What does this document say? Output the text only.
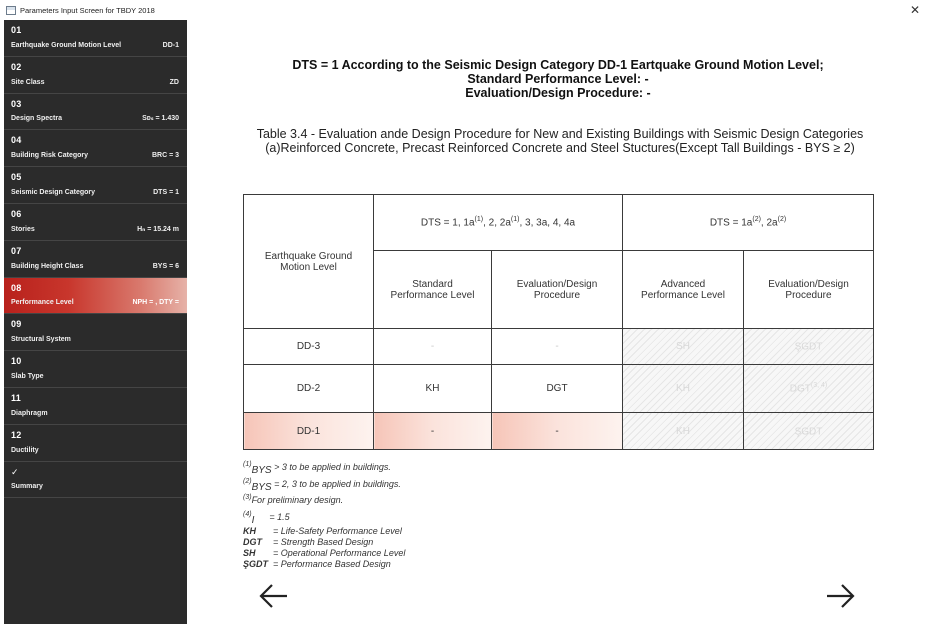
Parameters Input Screen for TBDY 2018	✕
01
Earthquake Ground Motion Level	DD-1
02
Site Class	ZD
03
Design Spectra	Sᴅₛ = 1.430
04
Building Risk Category	BRC = 3
05
Seismic Design Category	DTS = 1
06
Stories	Hₙ = 15.24 m
07
Building Height Class	BYS = 6
08
Performance Level	NPH = , DTY =
09
Structural System
10
Slab Type
11
Diaphragm
12
Ductility
✓
Summary
DTS = 1 According to the Seismic Design Category DD-1 Eartquake Ground Motion Level;
Standard Performance Level: -
Evaluation/Design Procedure: -
Table 3.4 - Evaluation ande Design Procedure for New and Existing Buildings with Seismic Design Categories
(a)Reinforced Concrete, Precast Reinforced Concrete and Steel Stuctures(Except Tall Buildings - BYS ≥ 2)
Earthquake Ground Motion Level	DTS = 1, $1a^{(1)}$, 2, $2a^{(1)}$, 3, 3a, 4, 4a		DTS = $1a^{(2)}$, $2a^{(2)}$

	Standard Performance Level	Evaluation/Design Procedure	Advanced Performance Level	Evaluation/Design Procedure

DD-3	-	-	SH	ŞGDT
DD-2	KH	DGT	KH	DGT$^{(3, 4)}$
DD-1	-	-	KH	ŞGDT
$^{(1)}$BYS > 3 to be applied in buildings.
$^{(2)}$BYS = 2, 3 to be applied in buildings.
$^{(3)}$For preliminary design.
$^{(4)}$I      = 1.5
KH	= Life-Safety Performance Level
DGT	= Strength Based Design
SH	= Operational Performance Level
ŞGDT = Performance Based Design
